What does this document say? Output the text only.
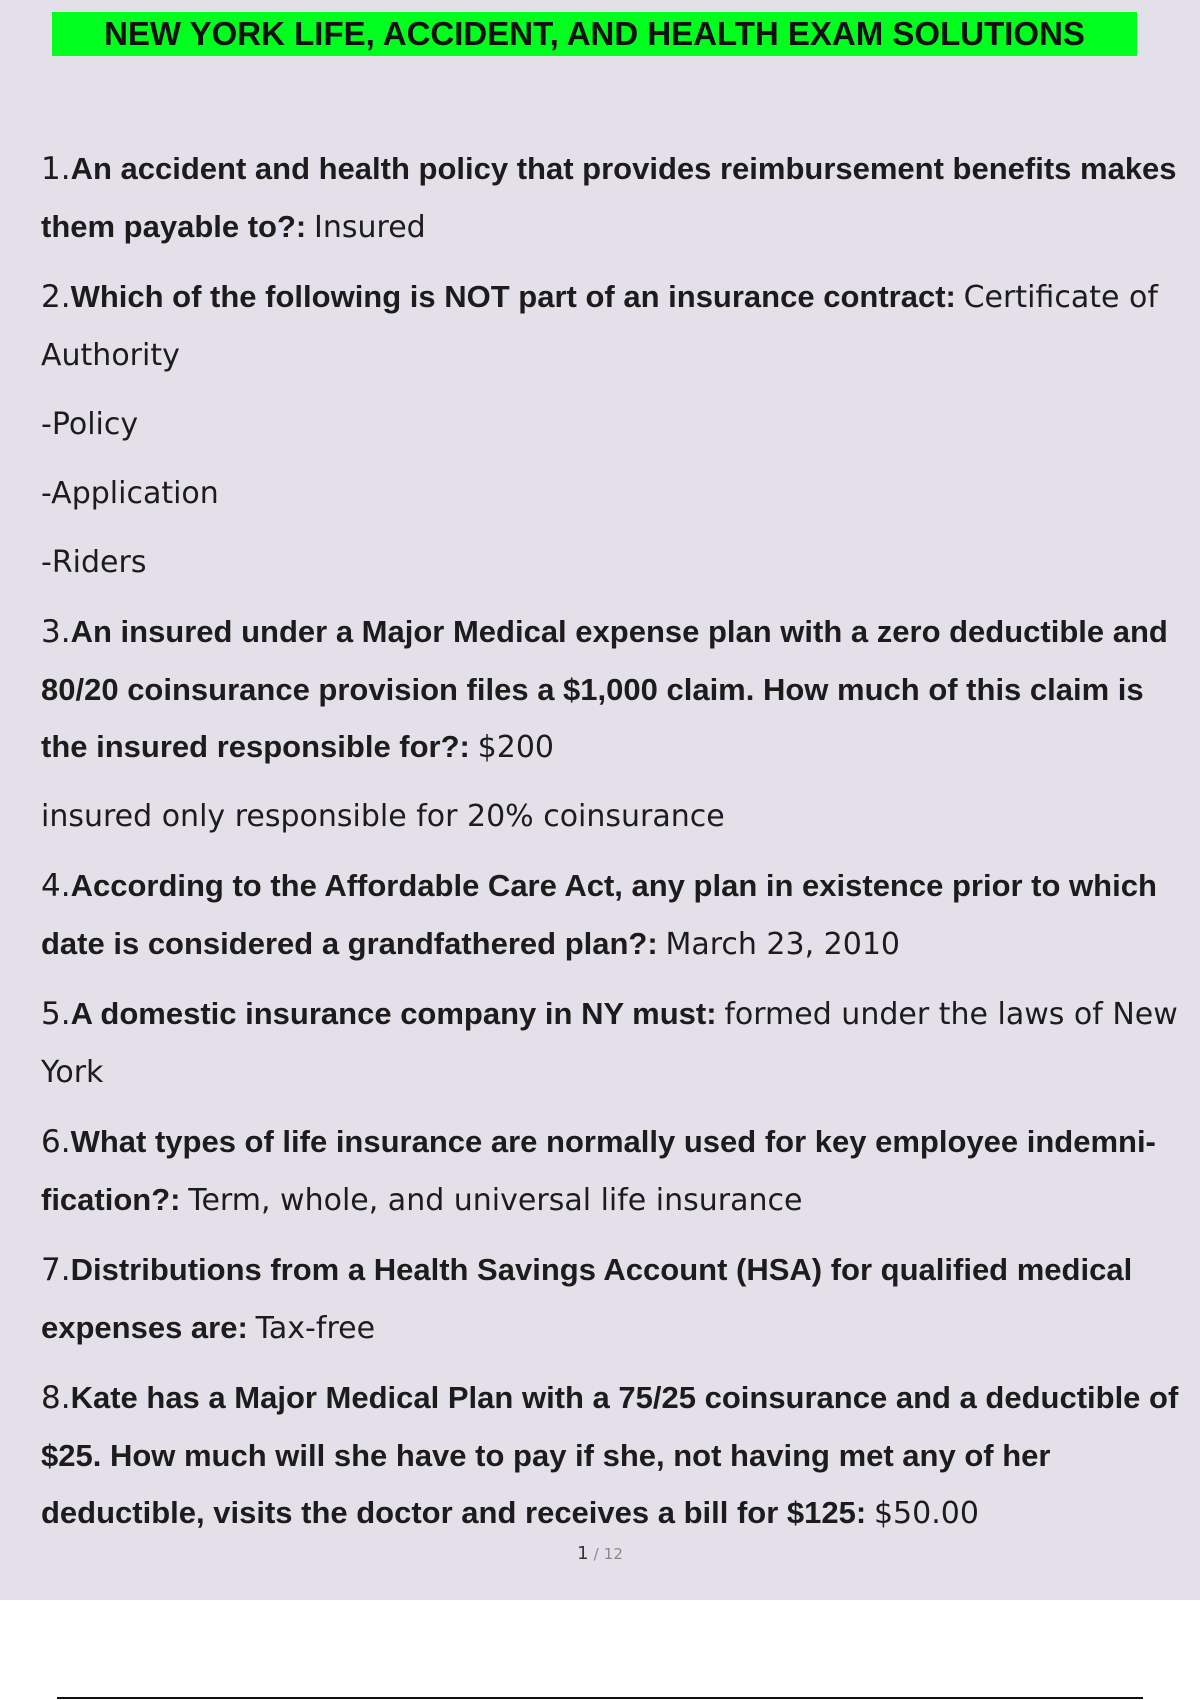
NEW YORK LIFE, ACCIDENT, AND HEALTH EXAM SOLUTIONS
1.An accident and health policy that provides reimbursement benefits makes them payable to?: Insured
2.Which of the following is NOT part of an insurance contract: Certificate of Authority
-Policy
-Application
-Riders
3.An insured under a Major Medical expense plan with a zero deductible and 80/20 coinsurance provision files a $1,000 claim. How much of this claim is the insured responsible for?: $200
insured only responsible for 20% coinsurance
4.According to the Affordable Care Act, any plan in existence prior to which date is considered a grandfathered plan?: March 23, 2010
5.A domestic insurance company in NY must: formed under the laws of New York
6.What types of life insurance are normally used for key employee indemni- fication?: Term, whole, and universal life insurance
7.Distributions from a Health Savings Account (HSA) for qualified medical expenses are: Tax-free
8.Kate has a Major Medical Plan with a 75/25 coinsurance and a deductible of $25. How much will she have to pay if she, not having met any of her deductible, visits the doctor and receives a bill for $125: $50.00
1 / 12
